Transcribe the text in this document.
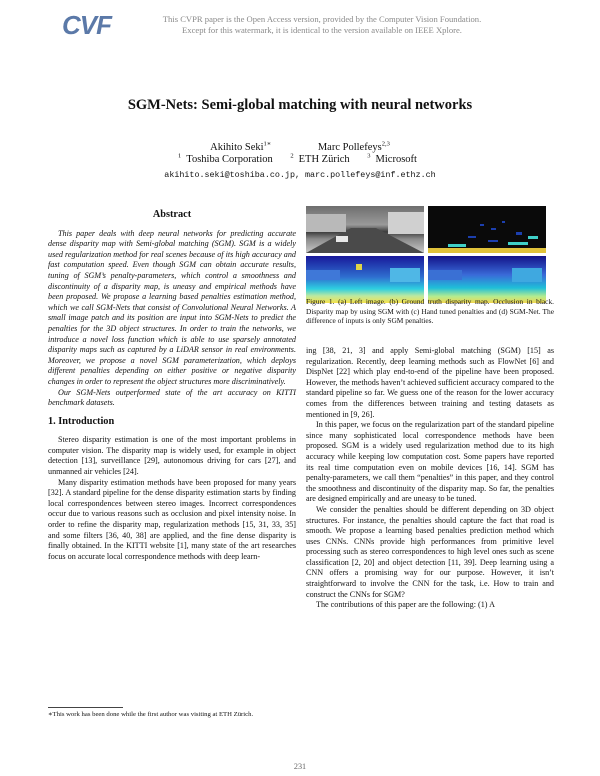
CVF	This CVPR paper is the Open Access version, provided by the Computer Vision Foundation.
Except for this watermark, it is identical to the version available on IEEE Xplore.
SGM-Nets: Semi-global matching with neural networks
Akihito Seki$^{1∗}$	Marc Pollefeys$^{2,3}$
$^1$ Toshiba Corporation	$^2$ ETH Zürich	$^3$ Microsoft
akihito.seki@toshiba.co.jp, marc.pollefeys@inf.ethz.ch
Abstract

This paper deals with deep neural networks for predicting accurate dense disparity map with Semi-global matching (SGM). SGM is a widely used regularization method for real scenes because of its high accuracy and fast computation speed. Even though SGM can obtain accurate results, tuning of SGM’s penalty-parameters, which control a smoothness and discontinuity of a disparity map, is uneasy and empirical methods have been proposed. We propose a learning based penalties estimation method, which we call SGM-Nets that consist of Convolutional Neural Networks. A small image patch and its position are input into SGM-Nets to predict the penalties for the 3D object structures. In order to train the networks, we introduce a novel loss function which is able to use sparsely annotated disparity maps such as captured by a LiDAR sensor in real environments. Moreover, we propose a novel SGM parameterization, which deploys different penalties depending on either positive or negative disparity changes in order to represent the object structures more discriminatively.

Our SGM-Nets outperformed state of the art accuracy on KITTI benchmark datasets.

1. Introduction

Stereo disparity estimation is one of the most important problems in computer vision. The disparity map is widely used, for example in object detection [13], surveillance [29], autonomous driving for cars [27], and unmanned air vehicles [24].

Many disparity estimation methods have been proposed for many years [32]. A standard pipeline for the dense disparity estimation starts by finding local correspondences between stereo images. Incorrect correspondences occur due to various reasons such as occlusion and pixel intensity noise. In order to refine the disparity map, regularization methods [15, 31, 33, 35] and some filters [36, 40, 38] are applied, and the fine dense disparity is finally obtained. In the KITTI website [1], many state of the art researches focus on accurate local correspondence methods with deep learn-

∗This work has been done while the first author was visiting at ETH Zürich.
Figure 1. (a) Left image. (b) Ground truth disparity map. Occlusion in black. Disparity map by using SGM with (c) Hand tuned penalties and (d) SGM-Net. The difference of inputs is only SGM penalties.

ing [38, 21, 3] and apply Semi-global matching (SGM) [15] as regularization. Recently, deep learning methods such as FlowNet [6] and DispNet [22] which play end-to-end of the pipeline have been proposed. However, the methods haven’t achieved sufficient accuracy compared to the standard pipeline so far. We guess one of the reason for the lower accuracy comes from the differences between training and testing datasets as mentioned in [9, 26].

In this paper, we focus on the regularization part of the standard pipeline since many sophisticated local correspondence methods have been proposed. SGM is a widely used regularization method due to its high accuracy while keeping low computation cost. Some papers have reported its real time computation even on mobile devices [16, 14]. SGM has penalty-parameters, we call them “penalties” in this paper, and they control the smoothness and discontinuity of the disparity map. So far, the penalties are designed empirically and are uneasy to be tuned.

We consider the penalties should be different depending on 3D object structures. For instance, the penalties should capture the fact that road is smooth. We propose a learning based penalties prediction method which uses CNNs. CNNs provide high performances from primitive level processing such as stereo correspondences to high level ones such as scene classification [2, 20] and object detection [11, 39]. Deep learning using a CNN offers a promising way for our purpose. However, it isn’t straightforward to involve the CNN for the task, i.e. How to train and construct the CNNs for SGM?

The contributions of this paper are the following: (1) A

231
